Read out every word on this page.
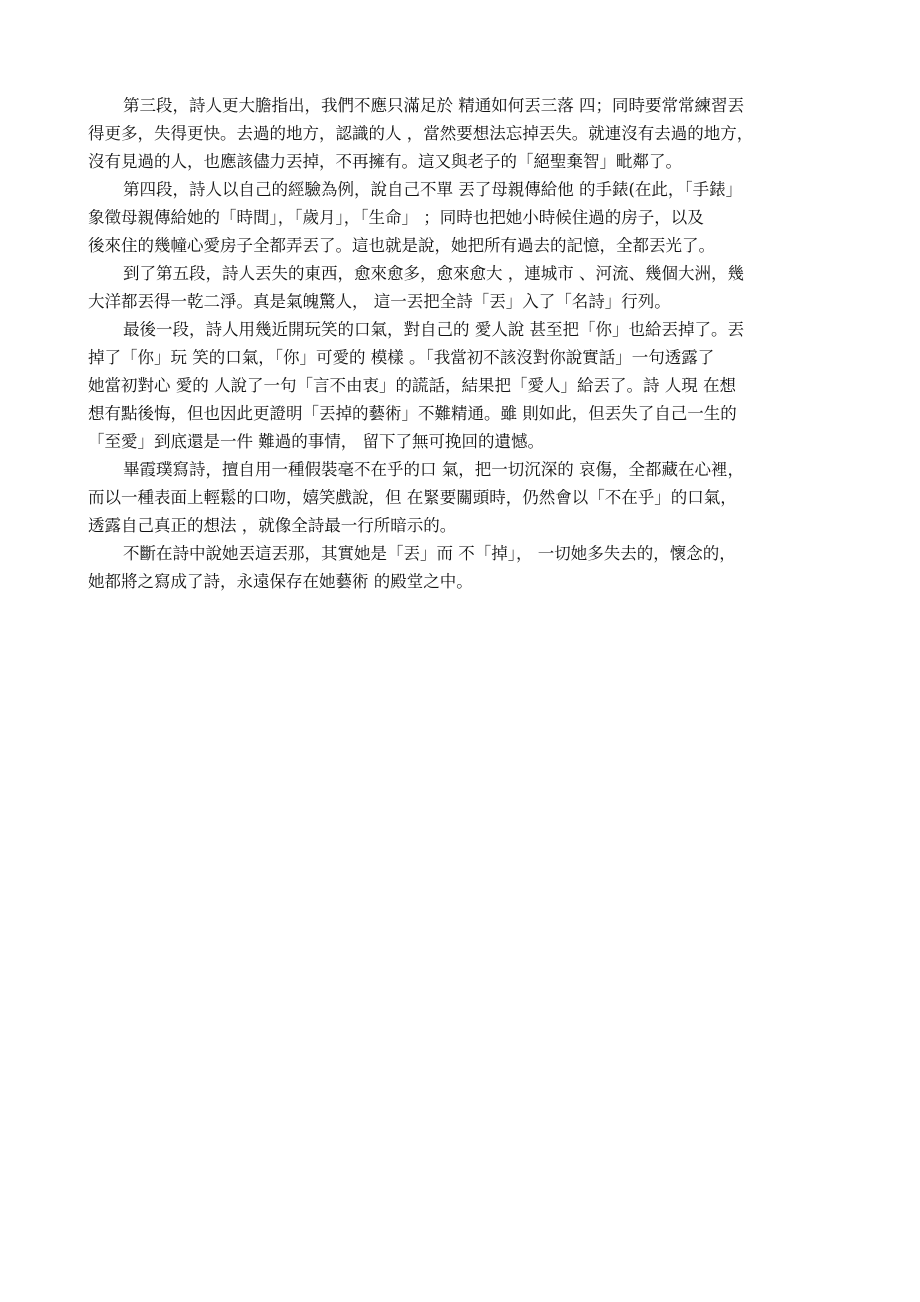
第三段，詩人更大膽指出，我們不應只滿足於 精通如何丟三落 四；同時要常常練習丟
得更多，失得更快。去過的地方，認識的人 ，當然要想法忘掉丟失。就連沒有去過的地方，
沒有見過的人，也應該儘力丟掉，不再擁有。這又與老子的「絕聖棄智」毗鄰了。
第四段，詩人以自己的經驗為例，說自己不單 丟了母親傳給他 的手錶(在此，「手錶」
象徵母親傳給她的「時間」，「歲月」，「生命」 ；同時也把她小時候住過的房子，以及
後來住的幾幢心愛房子全都弄丟了。這也就是說，她把所有過去的記憶，全都丟光了。
到了第五段，詩人丟失的東西，愈來愈多，愈來愈大 ，連城市 、河流、幾個大洲，幾
大洋都丟得一乾二淨。真是氣魄驚人， 這一丟把全詩「丟」入了「名詩」行列。
最後一段，詩人用幾近開玩笑的口氣，對自己的 愛人說 甚至把「你」也給丟掉了。丟
掉了「你」玩 笑的口氣，「你」可愛的 模樣 。「我當初不該沒對你說實話」一句透露了
她當初對心 愛的 人說了一句「言不由衷」的謊話，結果把「愛人」給丟了。詩 人現 在想
想有點後悔，但也因此更證明「丟掉的藝術」不難精通。雖 則如此，但丟失了自己一生的
「至愛」到底還是一件 難過的事情， 留下了無可挽回的遺憾。
畢霞璞寫詩，擅自用一種假裝毫不在乎的口 氣，把一切沉深的 哀傷，全都藏在心裡，
而以一種表面上輕鬆的口吻，嬉笑戲說，但 在緊要關頭時，仍然會以「不在乎」的口氣，
透露自己真正的想法 ，就像全詩最一行所暗示的。
不斷在詩中說她丟這丟那，其實她是「丟」而 不「掉」， 一切她多失去的，懷念的，
她都將之寫成了詩，永遠保存在她藝術 的殿堂之中。
